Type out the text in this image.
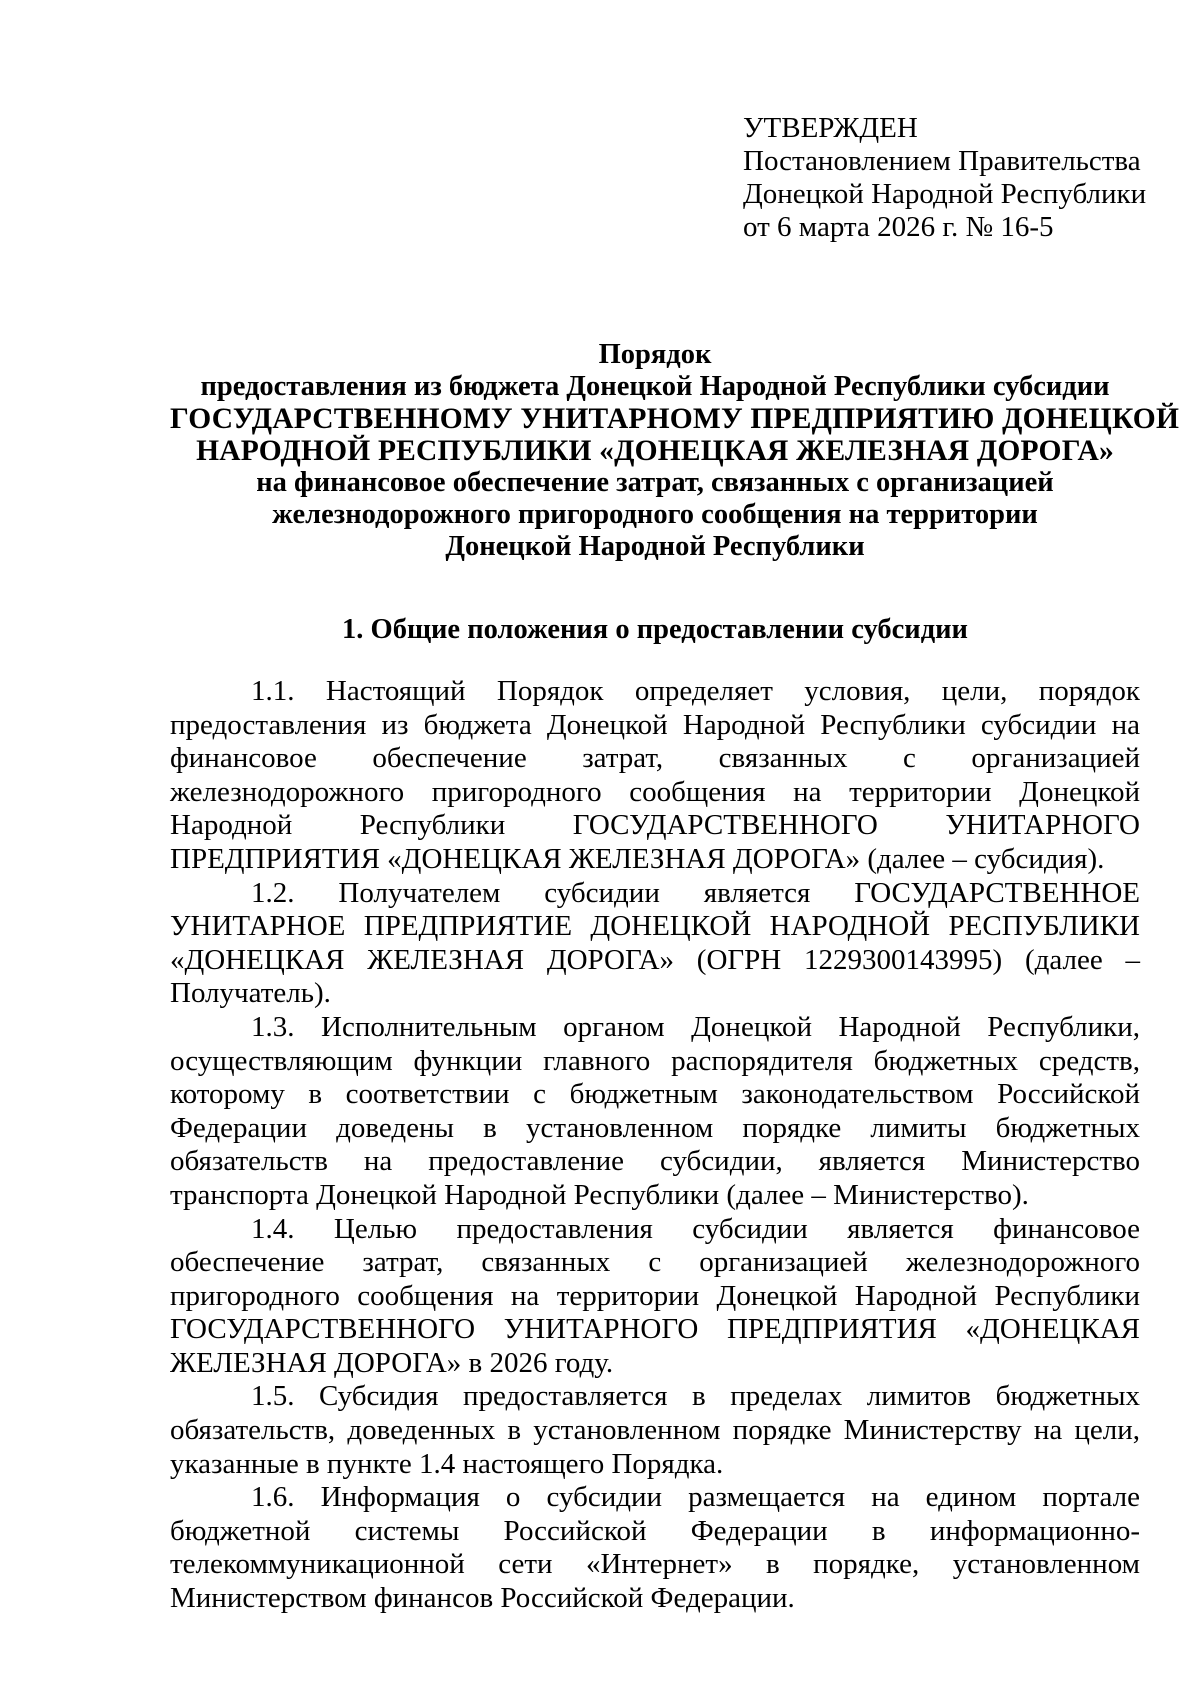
УТВЕРЖДЕН

Постановлением Правительства

Донецкой Народной Республики

от 6 марта 2026 г. № 16-5

Порядок

предоставления из бюджета Донецкой Народной Республики субсидии

ГОСУДАРСТВЕННОМУ УНИТАРНОМУ ПРЕДПРИЯТИЮ ДОНЕЦКОЙ

НАРОДНОЙ РЕСПУБЛИКИ «ДОНЕЦКАЯ ЖЕЛЕЗНАЯ ДОРОГА»

на финансовое обеспечение затрат, связанных с организацией

железнодорожного пригородного сообщения на территории

Донецкой Народной Республики

1. Общие положения о предоставлении субсидии

1.1. Настоящий Порядок определяет условия, цели, порядок предоставления из бюджета Донецкой Народной Республики субсидии на финансовое обеспечение затрат, связанных с организацией железнодорожного пригородного сообщения на территории Донецкой Народной Республики ГОСУДАРСТВЕННОГО УНИТАРНОГО ПРЕДПРИЯТИЯ «ДОНЕЦКАЯ ЖЕЛЕЗНАЯ ДОРОГА» (далее – субсидия).

1.2. Получателем субсидии является ГОСУДАРСТВЕННОЕ УНИТАРНОЕ ПРЕДПРИЯТИЕ ДОНЕЦКОЙ НАРОДНОЙ РЕСПУБЛИКИ «ДОНЕЦКАЯ ЖЕЛЕЗНАЯ ДОРОГА» (ОГРН 1229300143995) (далее – Получатель).

1.3. Исполнительным органом Донецкой Народной Республики, осуществляющим функции главного распорядителя бюджетных средств, которому в соответствии с бюджетным законодательством Российской Федерации доведены в установленном порядке лимиты бюджетных обязательств на предоставление субсидии, является Министерство транспорта Донецкой Народной Республики (далее – Министерство).

1.4. Целью предоставления субсидии является финансовое обеспечение затрат, связанных с организацией железнодорожного пригородного сообщения на территории Донецкой Народной Республики ГОСУДАРСТВЕННОГО УНИТАРНОГО ПРЕДПРИЯТИЯ «ДОНЕЦКАЯ ЖЕЛЕЗНАЯ ДОРОГА» в 2026 году.

1.5. Субсидия предоставляется в пределах лимитов бюджетных обязательств, доведенных в установленном порядке Министерству на цели, указанные в пункте 1.4 настоящего Порядка.

1.6. Информация о субсидии размещается на едином портале бюджетной системы Российской Федерации в информационно-телекоммуникационной сети «Интернет» в порядке, установленном Министерством финансов Российской Федерации.
